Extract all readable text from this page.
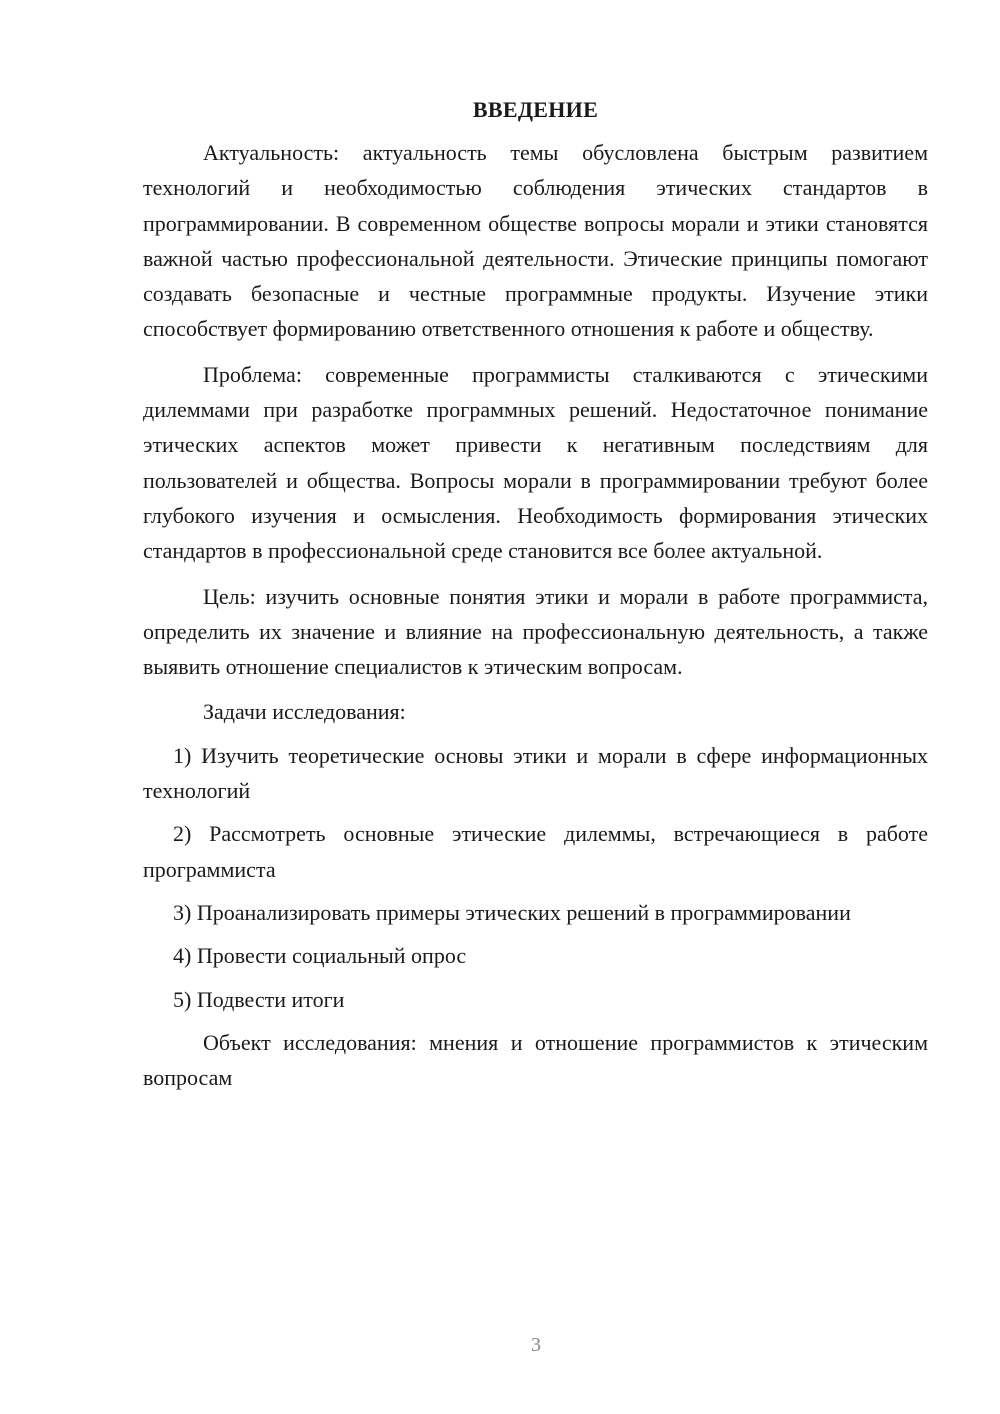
ВВЕДЕНИЕ

Актуальность: актуальность темы обусловлена быстрым развитием технологий и необходимостью соблюдения этических стандартов в программировании. В современном обществе вопросы морали и этики становятся важной частью профессиональной деятельности. Этические принципы помогают создавать безопасные и честные программные продукты. Изучение этики способствует формированию ответственного отношения к работе и обществу.

Проблема: современные программисты сталкиваются с этическими дилеммами при разработке программных решений. Недостаточное понимание этических аспектов может привести к негативным последствиям для пользователей и общества. Вопросы морали в программировании требуют более глубокого изучения и осмысления. Необходимость формирования этических стандартов в профессиональной среде становится все более актуальной.

Цель: изучить основные понятия этики и морали в работе программиста, определить их значение и влияние на профессиональную деятельность, а также выявить отношение специалистов к этическим вопросам.

Задачи исследования:

1) Изучить теоретические основы этики и морали в сфере информационных технологий

2) Рассмотреть основные этические дилеммы, встречающиеся в работе программиста

3) Проанализировать примеры этических решений в программировании

4) Провести социальный опрос

5) Подвести итоги

Объект исследования: мнения и отношение программистов к этическим вопросам

3
